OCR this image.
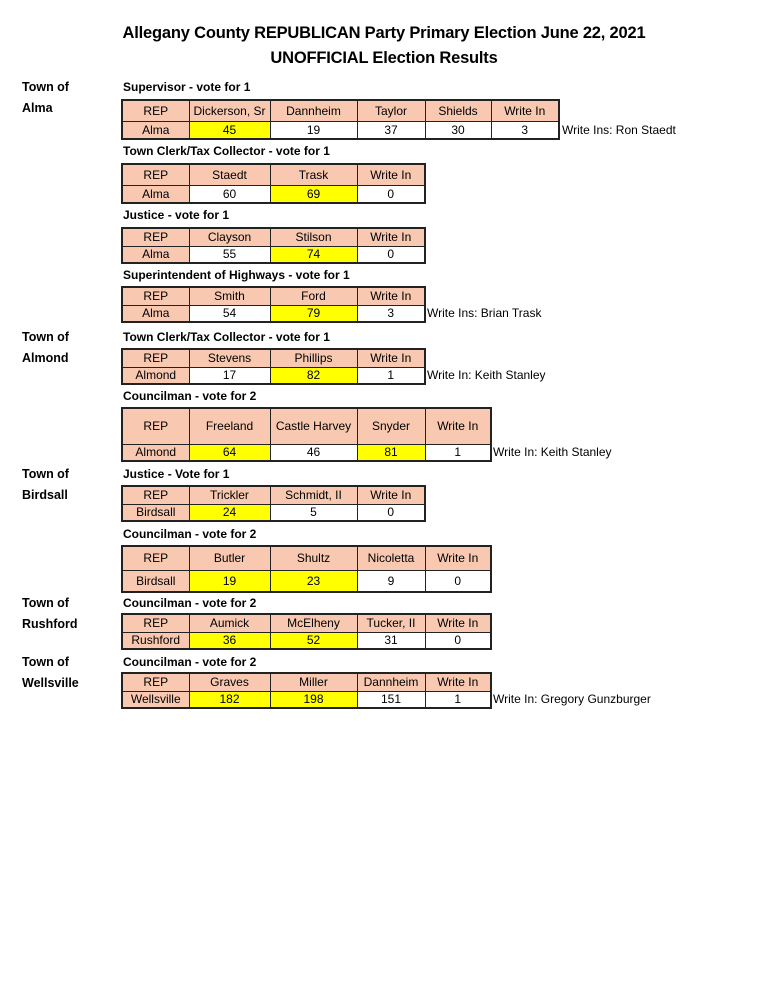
Allegany County REPUBLICAN Party Primary Election June 22, 2021
UNOFFICIAL Election Results
Town of
Alma
Supervisor - vote for 1
REP	Dickerson, Sr	Dannheim	Taylor	Shields	Write In
Alma	45	19	37	30	3	Write Ins: Ron Staedt
Town Clerk/Tax Collector - vote for 1
REP	Staedt	Trask	Write In
Alma	60	69	0
Justice - vote for 1
REP	Clayson	Stilson	Write In
Alma	55	74	0
Superintendent of Highways - vote for 1
REP	Smith	Ford	Write In
Alma	54	79	3	Write Ins: Brian Trask
Town of
Almond
Town Clerk/Tax Collector - vote for 1
REP	Stevens	Phillips	Write In
Almond	17	82	1	Write In: Keith Stanley
Councilman - vote for 2
REP	Freeland	Castle Harvey	Snyder	Write In
Almond	64	46	81	1	Write In: Keith Stanley
Town of
Birdsall
Justice - Vote for 1
REP	Trickler	Schmidt, II	Write In
Birdsall	24	5	0
Councilman - vote for 2
REP	Butler	Shultz	Nicoletta	Write In
Birdsall	19	23	9	0
Town of
Rushford
Councilman - vote for 2
REP	Aumick	McElheny	Tucker, II	Write In
Rushford	36	52	31	0
Town of
Wellsville
Councilman - vote for 2
REP	Graves	Miller	Dannheim	Write In
Wellsville	182	198	151	1	Write In: Gregory Gunzburger
